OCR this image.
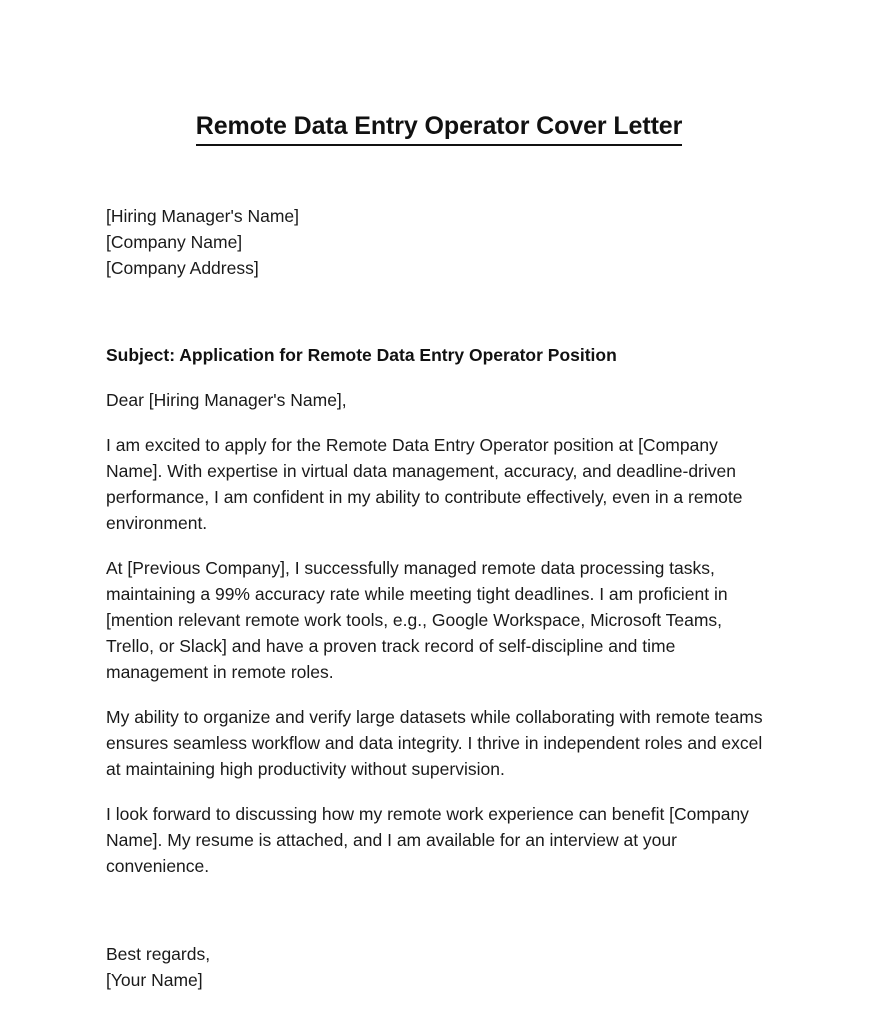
Remote Data Entry Operator Cover Letter
[Hiring Manager's Name]
[Company Name]
[Company Address]
Subject: Application for Remote Data Entry Operator Position
Dear [Hiring Manager's Name],

I am excited to apply for the Remote Data Entry Operator position at [Company Name]. With expertise in virtual data management, accuracy, and deadline-driven performance, I am confident in my ability to contribute effectively, even in a remote environment.

At [Previous Company], I successfully managed remote data processing tasks, maintaining a 99% accuracy rate while meeting tight deadlines. I am proficient in [mention relevant remote work tools, e.g., Google Workspace, Microsoft Teams, Trello, or Slack] and have a proven track record of self-discipline and time management in remote roles.

My ability to organize and verify large datasets while collaborating with remote teams ensures seamless workflow and data integrity. I thrive in independent roles and excel at maintaining high productivity without supervision.

I look forward to discussing how my remote work experience can benefit [Company Name]. My resume is attached, and I am available for an interview at your convenience.

Best regards,
[Your Name]
